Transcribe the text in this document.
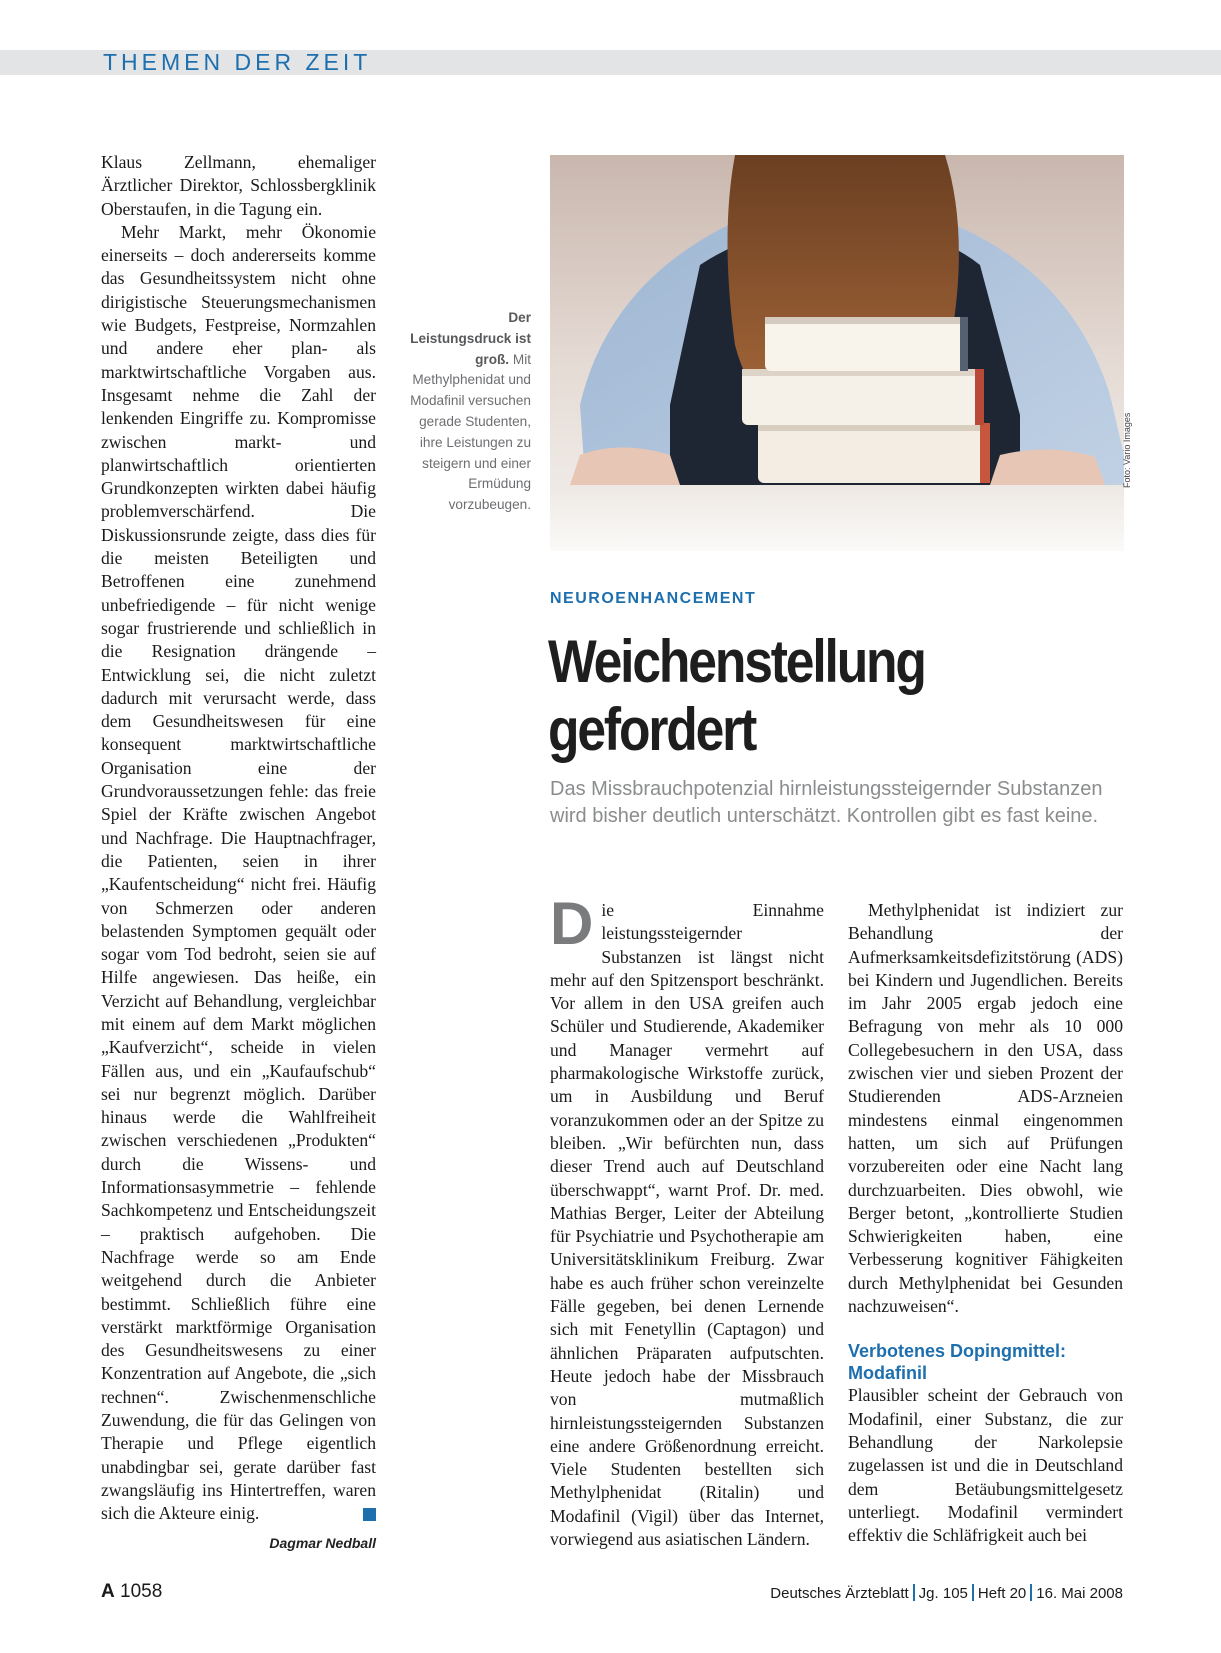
THEMEN DER ZEIT

Klaus Zellmann, ehemaliger Ärztlicher Direktor, Schlossbergklinik Oberstaufen, in die Tagung ein.

Mehr Markt, mehr Ökonomie einerseits – doch andererseits komme das Gesundheitssystem nicht ohne dirigistische Steuerungsmechanismen wie Budgets, Festpreise, Normzahlen und andere eher plan- als marktwirtschaftliche Vorgaben aus. Insgesamt nehme die Zahl der lenkenden Eingriffe zu. Kompromisse zwischen markt- und planwirtschaftlich orientierten Grundkonzepten wirkten dabei häufig problemverschärfend. Die Diskussionsrunde zeigte, dass dies für die meisten Beteiligten und Betroffenen eine zunehmend unbefriedigende – für nicht wenige sogar frustrierende und schließlich in die Resignation drängende – Entwicklung sei, die nicht zuletzt dadurch mit verursacht werde, dass dem Gesundheitswesen für eine konsequent marktwirtschaftliche Organisation eine der Grundvoraussetzungen fehle: das freie Spiel der Kräfte zwischen Angebot und Nachfrage. Die Hauptnachfrager, die Patienten, seien in ihrer „Kaufentscheidung“ nicht frei. Häufig von Schmerzen oder anderen belastenden Symptomen gequält oder sogar vom Tod bedroht, seien sie auf Hilfe angewiesen. Das heiße, ein Verzicht auf Behandlung, vergleichbar mit einem auf dem Markt möglichen „Kaufverzicht“, scheide in vielen Fällen aus, und ein „Kaufaufschub“ sei nur begrenzt möglich. Darüber hinaus werde die Wahlfreiheit zwischen verschiedenen „Produkten“ durch die Wissens- und Informationsasymmetrie – fehlende Sachkompetenz und Entscheidungszeit – praktisch aufgehoben. Die Nachfrage werde so am Ende weitgehend durch die Anbieter bestimmt. Schließlich führe eine verstärkt marktförmige Organisation des Gesundheitswesens zu einer Konzentration auf Angebote, die „sich rechnen“. Zwischenmenschliche Zuwendung, die für das Gelingen von Therapie und Pflege eigentlich unabdingbar sei, gerate darüber fast zwangsläufig ins Hintertreffen, waren sich die Akteure einig.

Dagmar Nedball
Der Leistungsdruck ist groß. Mit Methylphenidat und Modafinil versuchen gerade Studenten, ihre Leistungen zu steigern und einer Ermüdung vorzubeugen.
Foto: Vario Images
NEUROENHANCEMENT
Weichenstellung gefordert
Das Missbrauchpotenzial hirnleistungssteigernder Substanzen wird bisher deutlich unterschätzt. Kontrollen gibt es fast keine.

Die Einnahme leistungssteigernder Substanzen ist längst nicht mehr auf den Spitzensport beschränkt. Vor allem in den USA greifen auch Schüler und Studierende, Akademiker und Manager vermehrt auf pharmakologische Wirkstoffe zurück, um in Ausbildung und Beruf voranzukommen oder an der Spitze zu bleiben. „Wir befürchten nun, dass dieser Trend auch auf Deutschland überschwappt“, warnt Prof. Dr. med. Mathias Berger, Leiter der Abteilung für Psychiatrie und Psychotherapie am Universitätsklinikum Freiburg. Zwar habe es auch früher schon vereinzelte Fälle gegeben, bei denen Lernende sich mit Fenetyllin (Captagon) und ähnlichen Präparaten aufputschten. Heute jedoch habe der Missbrauch von mutmaßlich hirnleistungssteigernden Substanzen eine andere Größenordnung erreicht. Viele Studenten bestellten sich Methylphenidat (Ritalin) und Modafinil (Vigil) über das Internet, vorwiegend aus asiatischen Ländern.

Methylphenidat ist indiziert zur Behandlung der Aufmerksamkeitsdefizitstörung (ADS) bei Kindern und Jugendlichen. Bereits im Jahr 2005 ergab jedoch eine Befragung von mehr als 10 000 Collegebesuchern in den USA, dass zwischen vier und sieben Prozent der Studierenden ADS-Arzneien mindestens einmal eingenommen hatten, um sich auf Prüfungen vorzubereiten oder eine Nacht lang durchzuarbeiten. Dies obwohl, wie Berger betont, „kontrollierte Studien Schwierigkeiten haben, eine Verbesserung kognitiver Fähigkeiten durch Methylphenidat bei Gesunden nachzuweisen“.

Verbotenes Dopingmittel: Modafinil

Plausibler scheint der Gebrauch von Modafinil, einer Substanz, die zur Behandlung der Narkolepsie zugelassen ist und die in Deutschland dem Betäubungsmittelgesetz unterliegt. Modafinil vermindert effektiv die Schläfrigkeit auch bei

A 1058	Deutsches Ärzteblatt Jg. 105 Heft 20 16. Mai 2008
